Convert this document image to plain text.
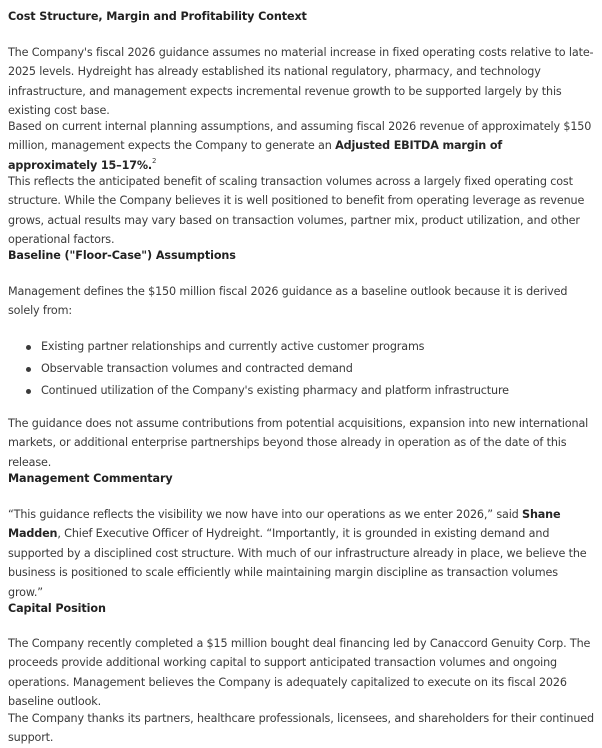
Cost Structure, Margin and Profitability Context

The Company's fiscal 2026 guidance assumes no material increase in fixed operating costs relative to late-2025 levels. Hydreight has already established its national regulatory, pharmacy, and technology infrastructure, and management expects incremental revenue growth to be supported largely by this existing cost base.

Based on current internal planning assumptions, and assuming fiscal 2026 revenue of approximately $150 million, management expects the Company to generate an Adjusted EBITDA margin of approximately 15–17%.$^2$

This reflects the anticipated benefit of scaling transaction volumes across a largely fixed operating cost structure. While the Company believes it is well positioned to benefit from operating leverage as revenue grows, actual results may vary based on transaction volumes, partner mix, product utilization, and other operational factors.

Baseline ("Floor-Case") Assumptions

Management defines the $150 million fiscal 2026 guidance as a baseline outlook because it is derived solely from:

Existing partner relationships and currently active customer programs
Observable transaction volumes and contracted demand
Continued utilization of the Company's existing pharmacy and platform infrastructure

The guidance does not assume contributions from potential acquisitions, expansion into new international markets, or additional enterprise partnerships beyond those already in operation as of the date of this release.

Management Commentary

“This guidance reflects the visibility we now have into our operations as we enter 2026,” said Shane Madden, Chief Executive Officer of Hydreight. “Importantly, it is grounded in existing demand and supported by a disciplined cost structure. With much of our infrastructure already in place, we believe the business is positioned to scale efficiently while maintaining margin discipline as transaction volumes grow.”

Capital Position

The Company recently completed a $15 million bought deal financing led by Canaccord Genuity Corp. The proceeds provide additional working capital to support anticipated transaction volumes and ongoing operations. Management believes the Company is adequately capitalized to execute on its fiscal 2026 baseline outlook.

The Company thanks its partners, healthcare professionals, licensees, and shareholders for their continued support.
